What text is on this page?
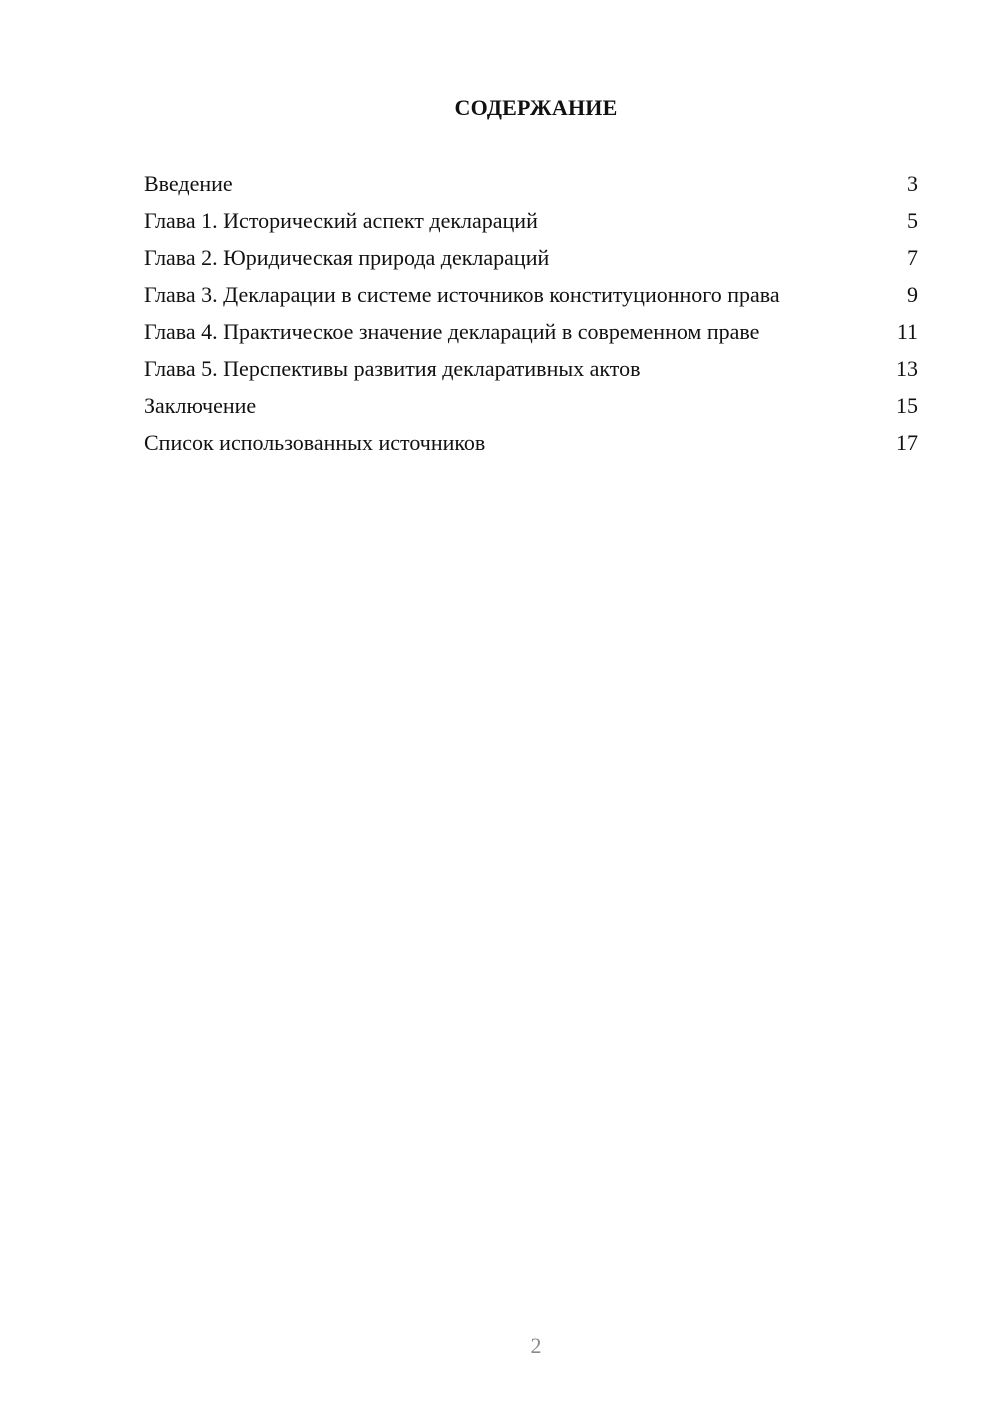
СОДЕРЖАНИЕ
Введение	3
Глава 1. Исторический аспект деклараций	5
Глава 2. Юридическая природа деклараций	7
Глава 3. Декларации в системе источников конституционного права	9
Глава 4. Практическое значение деклараций в современном праве	11
Глава 5. Перспективы развития декларативных актов	13
Заключение	15
Список использованных источников	17
2
